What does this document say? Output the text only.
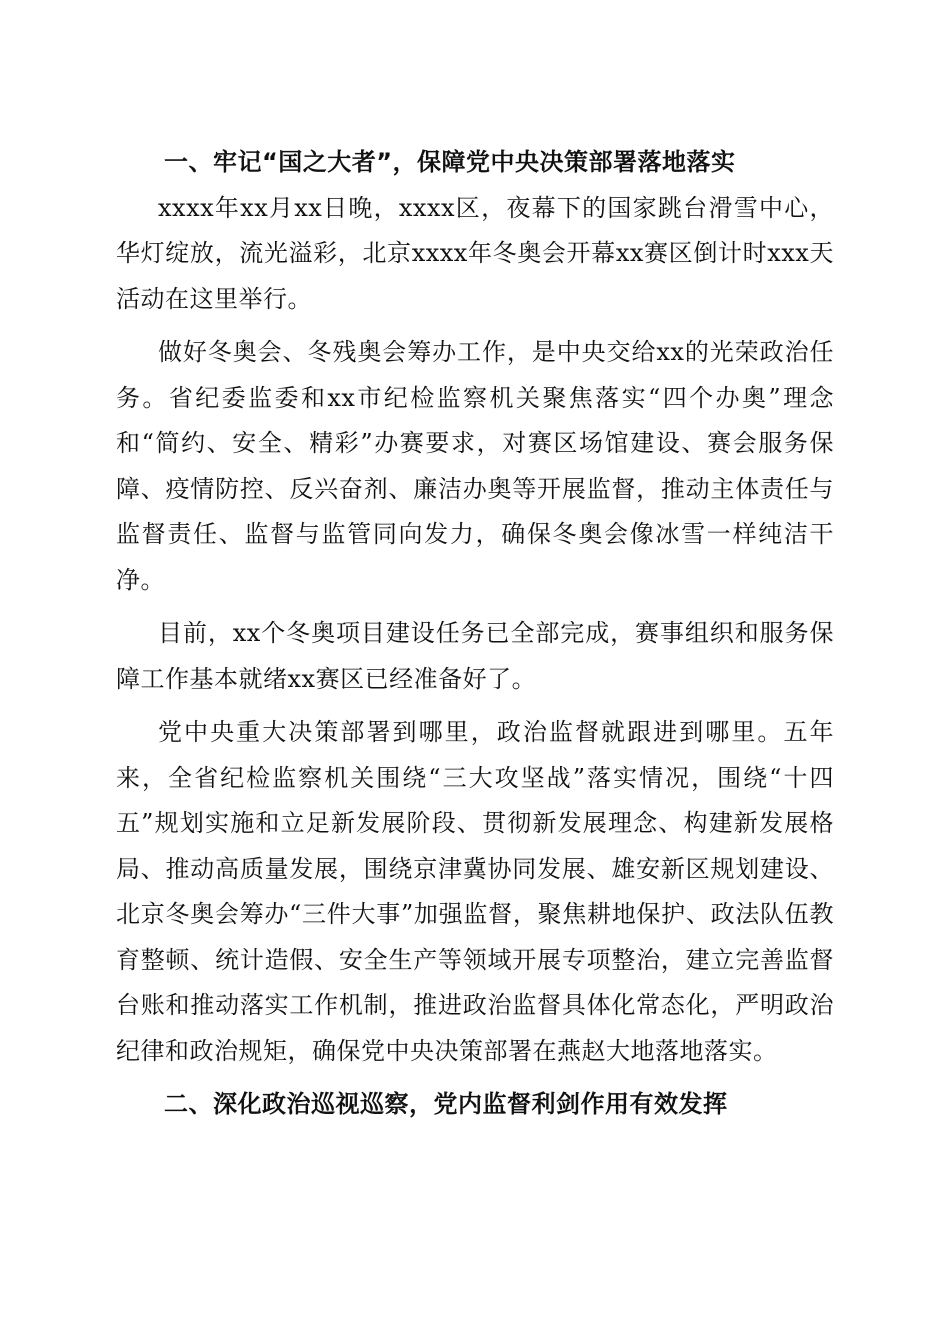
一、牢记“国之大者”，保障党中央决策部署落地落实

xxxx年xx月xx日晚，xxxx区，夜幕下的国家跳台滑雪中心，华灯绽放，流光溢彩，北京xxxx年冬奥会开幕xx赛区倒计时xxx天活动在这里举行。

做好冬奥会、冬残奥会筹办工作，是中央交给xx的光荣政治任务。省纪委监委和xx市纪检监察机关聚焦落实“四个办奥”理念和“简约、安全、精彩”办赛要求，对赛区场馆建设、赛会服务保障、疫情防控、反兴奋剂、廉洁办奥等开展监督，推动主体责任与监督责任、监督与监管同向发力，确保冬奥会像冰雪一样纯洁干净。

目前，xx个冬奥项目建设任务已全部完成，赛事组织和服务保障工作基本就绪xx赛区已经准备好了。

党中央重大决策部署到哪里，政治监督就跟进到哪里。五年来，全省纪检监察机关围绕“三大攻坚战”落实情况，围绕“十四五”规划实施和立足新发展阶段、贯彻新发展理念、构建新发展格局、推动高质量发展，围绕京津冀协同发展、雄安新区规划建设、北京冬奥会筹办“三件大事”加强监督，聚焦耕地保护、政法队伍教育整顿、统计造假、安全生产等领域开展专项整治，建立完善监督台账和推动落实工作机制，推进政治监督具体化常态化，严明政治纪律和政治规矩，确保党中央决策部署在燕赵大地落地落实。

二、深化政治巡视巡察，党内监督利剑作用有效发挥
